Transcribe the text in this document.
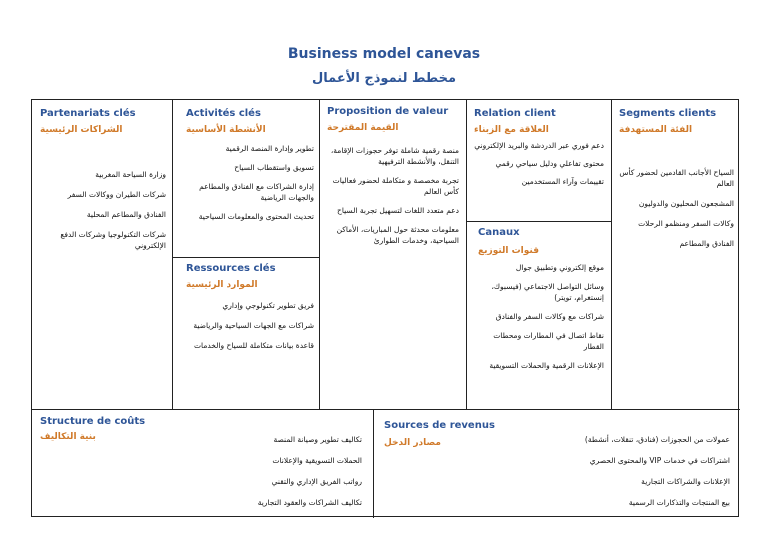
Business model canevas
مخطط لنموذج الأعمال
Partenariats clés
الشراكات الرئيسية
وزارة السياحة المغربية
شركات الطيران ووكالات السفر
الفنادق والمطاعم المحلية
شركات التكنولوجيا وشركات الدفع الإلكتروني
Activités clés
الأنشطة الأساسية
تطوير وإدارة المنصة الرقمية
تسويق واستقطاب السياح
إدارة الشراكات مع الفنادق والمطاعم والجهات الرياضية
تحديث المحتوى والمعلومات السياحية
Ressources clés
الموارد الرئيسية
فريق تطوير تكنولوجي وإداري
شراكات مع الجهات السياحية والرياضية
قاعدة بيانات متكاملة للسياح والخدمات
Proposition de valeur
القيمة المقترحة
منصة رقمية شاملة توفر حجوزات الإقامة، التنقل، والأنشطة الترفيهية
تجربة مخصصة و متكاملة لحضور فعاليات كأس العالم
دعم متعدد اللغات لتسهيل تجربة السياح
معلومات محدثة حول المباريات، الأماكن السياحية، وخدمات الطوارئ
Relation client
العلاقة مع الزبناء
دعم فوري عبر الدردشة والبريد الإلكتروني
محتوى تفاعلي ودليل سياحي رقمي
تقييمات وآراء المستخدمين
Canaux
قنوات التوزيع
موقع إلكتروني وتطبيق جوال
وسائل التواصل الاجتماعي (فيسبوك، إنستغرام، تويتر)
شراكات مع وكالات السفر والفنادق
نقاط اتصال في المطارات ومحطات القطار
الإعلانات الرقمية والحملات التسويقية
Segments clients
الفئة المستهدفة
السياح الأجانب القادمين لحضور كأس العالم
المشجعون المحليون والدوليون
وكالات السفر ومنظمو الرحلات
الفنادق والمطاعم
Structure de coûts
بنية التكاليف	تكاليف تطوير وصيانة المنصة
الحملات التسويقية والإعلانات
رواتب الفريق الإداري والتقني
تكاليف الشراكات والعقود التجارية
Sources de revenus
مصادر الدخل	عمولات من الحجوزات (فنادق، تنقلات، أنشطة)
اشتراكات في خدمات VIP والمحتوى الحصري
الإعلانات والشراكات التجارية
بيع المنتجات والتذكارات الرسمية
